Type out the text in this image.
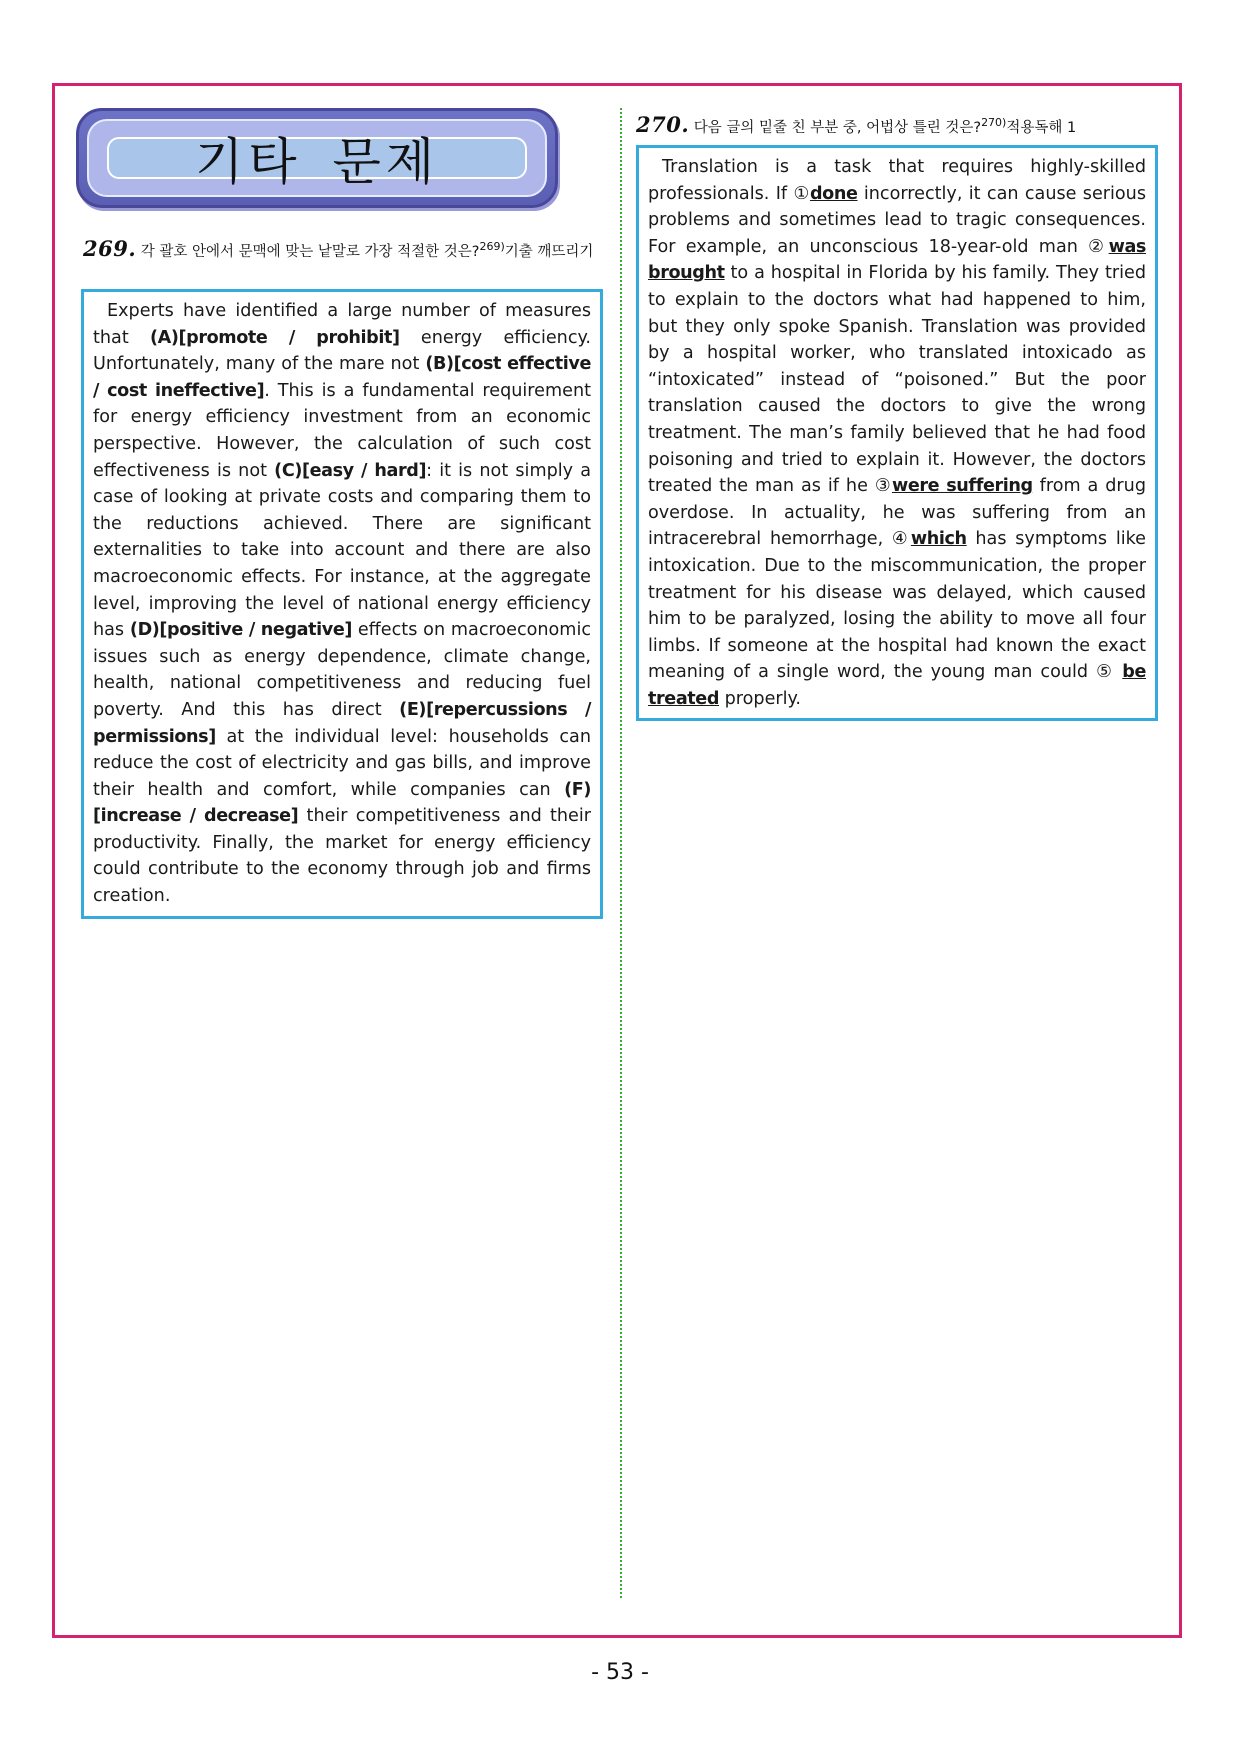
기타 문제
269. 각 괄호 안에서 문맥에 맞는 낱말로 가장 적절한 것은?$^{269)}$기출 깨뜨리기

Experts have identified a large number of measures that (A)[promote / prohibit] energy efficiency. Unfortunately, many of the mare not (B)[cost effective / cost ineffective]. This is a fundamental requirement for energy efficiency investment from an economic perspective. However, the calculation of such cost effectiveness is not (C)[easy / hard]: it is not simply a case of looking at private costs and comparing them to the reductions achieved. There are significant externalities to take into account and there are also macroeconomic effects. For instance, at the aggregate level, improving the level of national energy efficiency has (D)[positive / negative] effects on macroeconomic issues such as energy dependence, climate change, health, national competitiveness and reducing fuel poverty. And this has direct (E)[repercussions / permissions] at the individual level: households can reduce the cost of electricity and gas bills, and improve their health and comfort, while companies can (F)[increase / decrease] their competitiveness and their productivity. Finally, the market for energy efficiency could contribute to the economy through job and firms creation.

270. 다음 글의 밑줄 친 부분 중, 어법상 틀린 것은?$^{270)}$적용독해 1

Translation is a task that requires highly-skilled professionals. If ①done incorrectly, it can cause serious problems and sometimes lead to tragic consequences. For example, an unconscious 18-year-old man ②was brought to a hospital in Florida by his family. They tried to explain to the doctors what had happened to him, but they only spoke Spanish. Translation was provided by a hospital worker, who translated intoxicado as “intoxicated” instead of “poisoned.” But the poor translation caused the doctors to give the wrong treatment. The man’s family believed that he had food poisoning and tried to explain it. However, the doctors treated the man as if he ③were suffering from a drug overdose. In actuality, he was suffering from an intracerebral hemorrhage, ④which has symptoms like intoxication. Due to the miscommunication, the proper treatment for his disease was delayed, which caused him to be paralyzed, losing the ability to move all four limbs. If someone at the hospital had known the exact meaning of a single word, the young man could ⑤ be treated properly.

- 53 -
